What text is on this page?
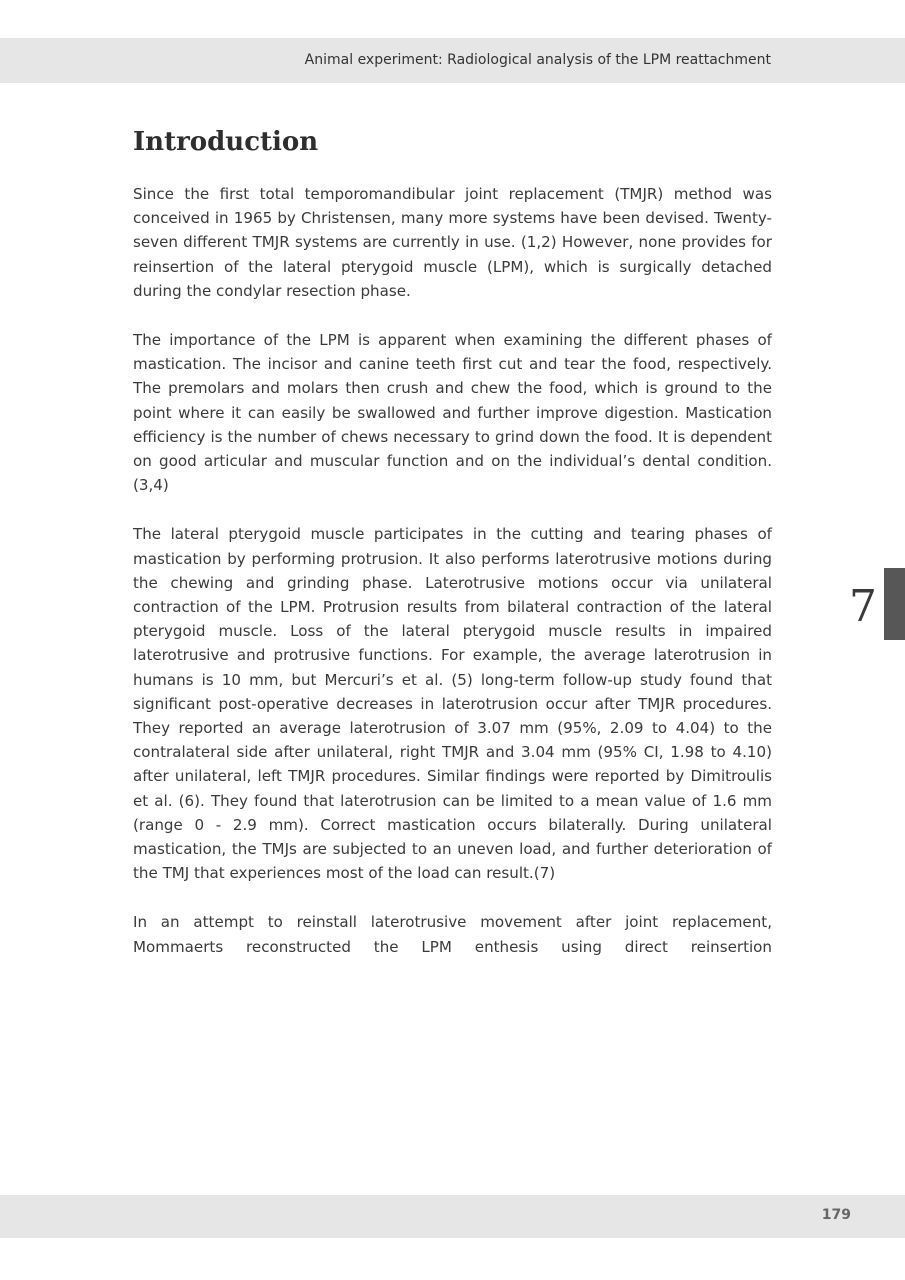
Animal experiment: Radiological analysis of the LPM reattachment
Introduction

Since the first total temporomandibular joint replacement (TMJR) method was conceived in 1965 by Christensen, many more systems have been devised. Twenty-seven different TMJR systems are currently in use. (1,2) However, none provides for reinsertion of the lateral pterygoid muscle (LPM), which is surgically detached during the condylar resection phase.

The importance of the LPM is apparent when examining the different phases of mastication. The incisor and canine teeth first cut and tear the food, respectively. The premolars and molars then crush and chew the food, which is ground to the point where it can easily be swallowed and further improve digestion. Mastication efficiency is the number of chews necessary to grind down the food. It is dependent on good articular and muscular function and on the individual’s dental condition. (3,4)

The lateral pterygoid muscle participates in the cutting and tearing phases of mastication by performing protrusion. It also performs laterotrusive motions during the chewing and grinding phase. Laterotrusive motions occur via unilateral contraction of the LPM. Protrusion results from bilateral contraction of the lateral pterygoid muscle. Loss of the lateral pterygoid muscle results in impaired laterotrusive and protrusive functions. For example, the average laterotrusion in humans is 10 mm, but Mercuri’s et al. (5) long-term follow-up study found that significant post-operative decreases in laterotrusion occur after TMJR procedures. They reported an average laterotrusion of 3.07 mm (95%, 2.09 to 4.04) to the contralateral side after unilateral, right TMJR and 3.04 mm (95% CI, 1.98 to 4.10) after unilateral, left TMJR procedures. Similar findings were reported by Dimitroulis et al. (6). They found that laterotrusion can be limited to a mean value of 1.6 mm (range 0 - 2.9 mm). Correct mastication occurs bilaterally. During unilateral mastication, the TMJs are subjected to an uneven load, and further deterioration of the TMJ that experiences most of the load can result.(7)

In an attempt to reinstall laterotrusive movement after joint replacement, Mommaerts reconstructed the LPM enthesis using direct reinsertion

7
179
